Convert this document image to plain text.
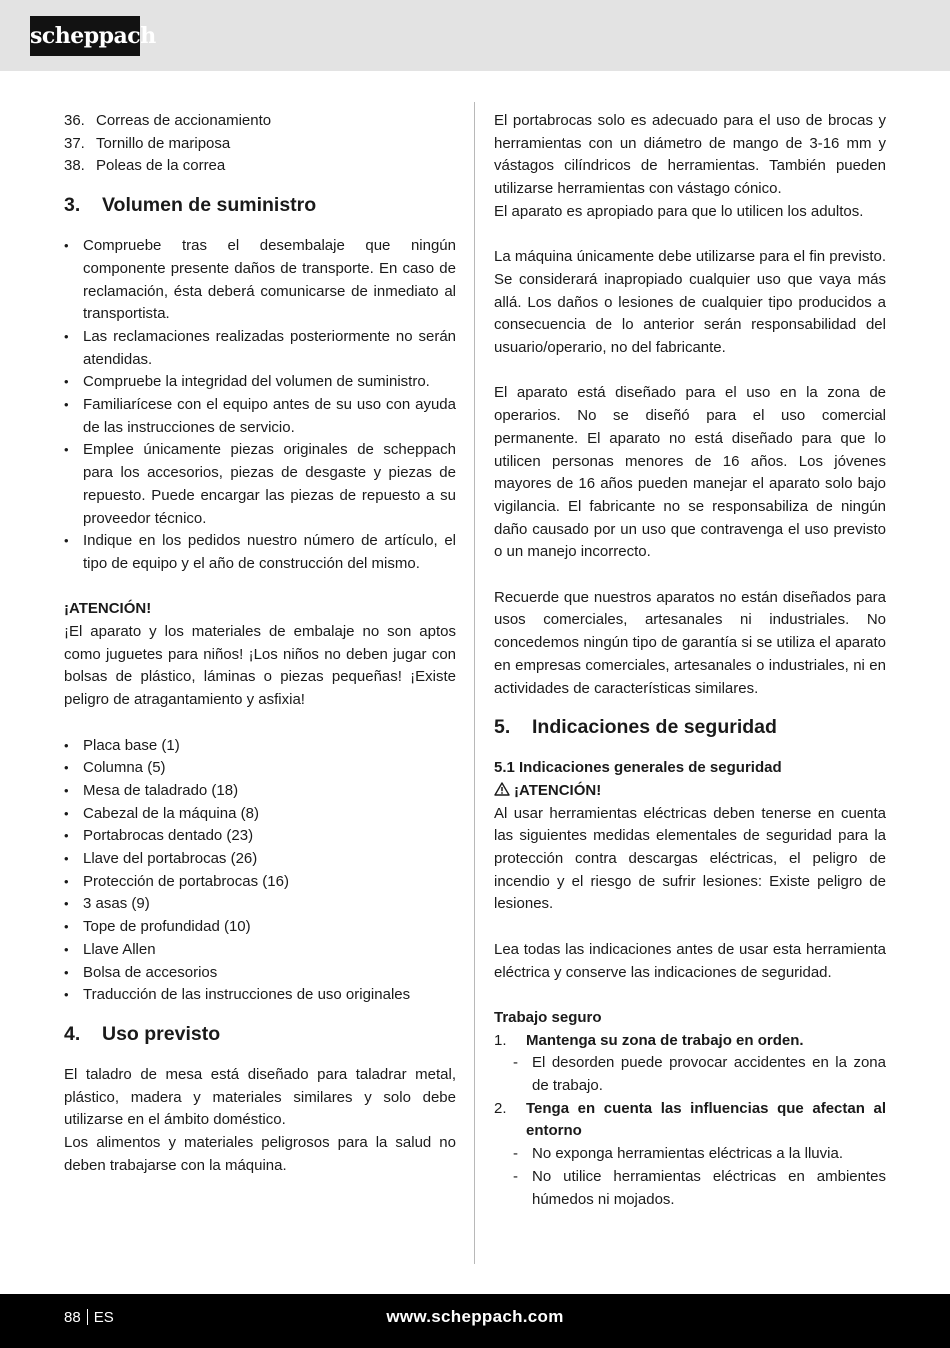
scheppach
36. Correas de accionamiento
37. Tornillo de mariposa
38. Poleas de la correa
3. Volumen de suministro
• Compruebe tras el desembalaje que ningún componente presente daños de transporte. En caso de reclamación, ésta deberá comunicarse de inmediato al transportista.
• Las reclamaciones realizadas posteriormente no serán atendidas.
• Compruebe la integridad del volumen de suministro.
• Familiarícese con el equipo antes de su uso con ayuda de las instrucciones de servicio.
• Emplee únicamente piezas originales de scheppach para los accesorios, piezas de desgaste y piezas de repuesto. Puede encargar las piezas de repuesto a su proveedor técnico.
• Indique en los pedidos nuestro número de artículo, el tipo de equipo y el año de construcción del mismo.

¡ATENCIÓN!

¡El aparato y los materiales de embalaje no son aptos como juguetes para niños! ¡Los niños no deben jugar con bolsas de plástico, láminas o piezas pequeñas! ¡Existe peligro de atragantamiento y asfixia!

• Placa base (1)
• Columna (5)
• Mesa de taladrado (18)
• Cabezal de la máquina (8)
• Portabrocas dentado (23)
• Llave del portabrocas (26)
• Protección de portabrocas (16)
• 3 asas (9)
• Tope de profundidad (10)
• Llave Allen
• Bolsa de accesorios
• Traducción de las instrucciones de uso originales
4. Uso previsto

El taladro de mesa está diseñado para taladrar metal, plástico, madera y materiales similares y solo debe utilizarse en el ámbito doméstico.

Los alimentos y materiales peligrosos para la salud no deben trabajarse con la máquina.

El portabrocas solo es adecuado para el uso de brocas y herramientas con un diámetro de mango de 3-16 mm y vástagos cilíndricos de herramientas. También pueden utilizarse herramientas con vástago cónico.

El aparato es apropiado para que lo utilicen los adultos.

La máquina únicamente debe utilizarse para el fin previsto. Se considerará inapropiado cualquier uso que vaya más allá. Los daños o lesiones de cualquier tipo producidos a consecuencia de lo anterior serán responsabilidad del usuario/operario, no del fabricante.

El aparato está diseñado para el uso en la zona de operarios. No se diseñó para el uso comercial permanente. El aparato no está diseñado para que lo utilicen personas menores de 16 años. Los jóvenes mayores de 16 años pueden manejar el aparato solo bajo vigilancia. El fabricante no se responsabiliza de ningún daño causado por un uso que contravenga el uso previsto o un manejo incorrecto.

Recuerde que nuestros aparatos no están diseñados para usos comerciales, artesanales ni industriales. No concedemos ningún tipo de garantía si se utiliza el aparato en empresas comerciales, artesanales o industriales, ni en actividades de características similares.

5. Indicaciones de seguridad

5.1 Indicaciones generales de seguridad

¡ATENCIÓN!

Al usar herramientas eléctricas deben tenerse en cuenta las siguientes medidas elementales de seguridad para la protección contra descargas eléctricas, el peligro de incendio y el riesgo de sufrir lesiones: Existe peligro de lesiones.

Lea todas las indicaciones antes de usar esta herramienta eléctrica y conserve las indicaciones de seguridad.

Trabajo seguro

1. Mantenga su zona de trabajo en orden.
- El desorden puede provocar accidentes en la zona de trabajo.
2. Tenga en cuenta las influencias que afectan al entorno
- No exponga herramientas eléctricas a la lluvia.
- No utilice herramientas eléctricas en ambientes húmedos ni mojados.
88 ES	www.scheppach.com
